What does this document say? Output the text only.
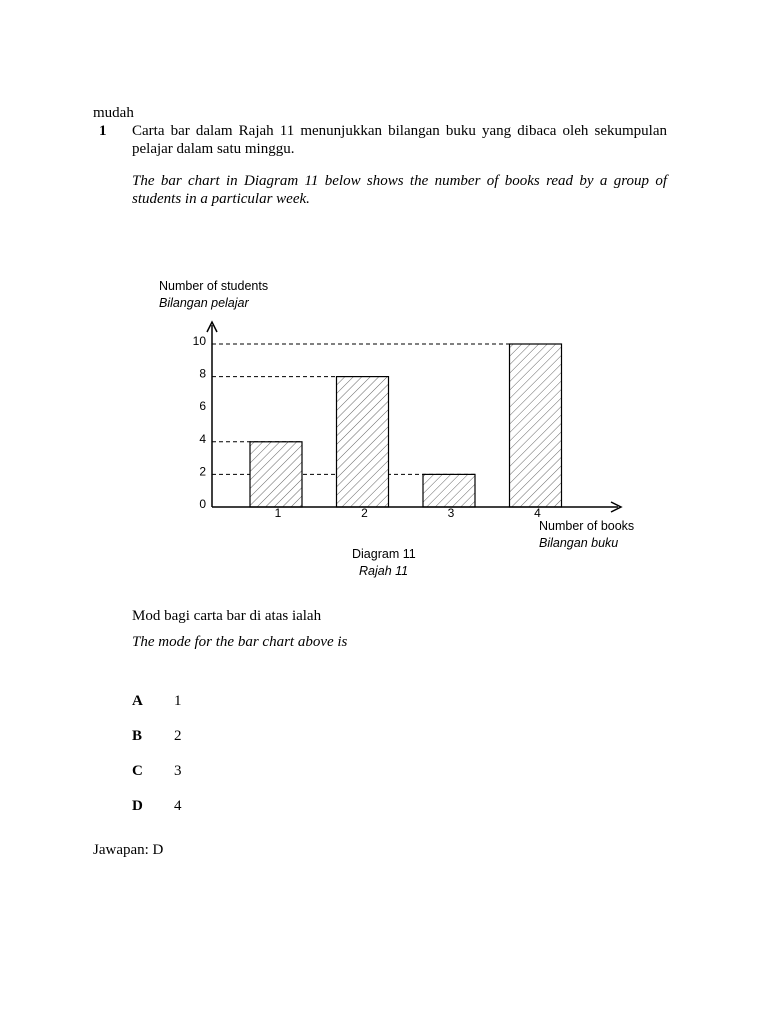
mudah
1 Carta bar dalam Rajah 11 menunjukkan bilangan buku yang dibaca oleh sekumpulan pelajar dalam satu minggu.
The bar chart in Diagram 11 below shows the number of books read by a group of students in a particular week.
Number of students
Bilangan pelajar
Number of books
Bilangan buku
Diagram 11
Rajah 11
0
2
4
6
8
10
1	2	3	4
Mod bagi carta bar di atas ialah
The mode for the bar chart above is
A 1
B 2
C 3
D 4
Jawapan: D
